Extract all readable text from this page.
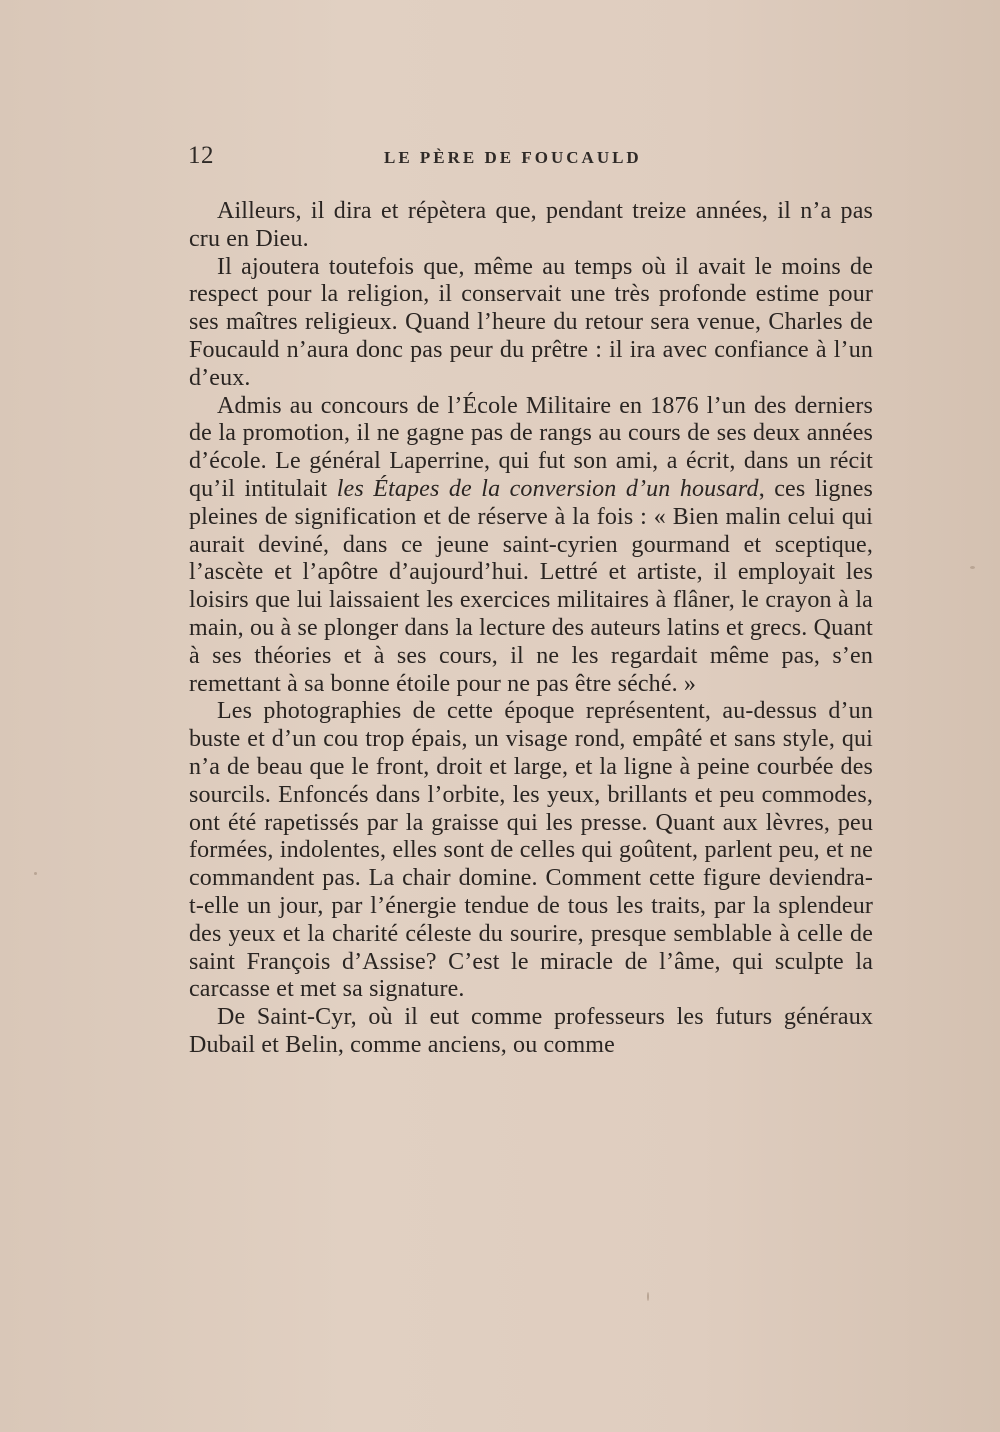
12	LE PÈRE DE FOUCAULD

Ailleurs, il dira et répètera que, pendant treize années, il n’a pas cru en Dieu.

Il ajoutera toutefois que, même au temps où il avait le moins de respect pour la religion, il conservait une très profonde estime pour ses maîtres religieux. Quand l’heure du retour sera venue, Charles de Foucauld n’aura donc pas peur du prêtre : il ira avec confiance à l’un d’eux.

Admis au concours de l’École Militaire en 1876 l’un des derniers de la promotion, il ne gagne pas de rangs au cours de ses deux années d’école. Le général Laperrine, qui fut son ami, a écrit, dans un récit qu’il intitulait les Étapes de la conversion d’un housard, ces lignes pleines de signification et de réserve à la fois : « Bien malin celui qui aurait deviné, dans ce jeune saint-cyrien gourmand et sceptique, l’ascète et l’apôtre d’aujourd’hui. Lettré et artiste, il employait les loisirs que lui laissaient les exercices militaires à flâner, le crayon à la main, ou à se plonger dans la lecture des auteurs latins et grecs. Quant à ses théories et à ses cours, il ne les regardait même pas, s’en remettant à sa bonne étoile pour ne pas être séché. »

Les photographies de cette époque représentent, au-dessus d’un buste et d’un cou trop épais, un visage rond, empâté et sans style, qui n’a de beau que le front, droit et large, et la ligne à peine courbée des sourcils. Enfoncés dans l’orbite, les yeux, brillants et peu commodes, ont été rapetissés par la graisse qui les presse. Quant aux lèvres, peu formées, indolentes, elles sont de celles qui goûtent, parlent peu, et ne commandent pas. La chair domine. Comment cette figure deviendra-t-elle un jour, par l’énergie tendue de tous les traits, par la splendeur des yeux et la charité céleste du sourire, presque semblable à celle de saint François d’Assise? C’est le miracle de l’âme, qui sculpte la carcasse et met sa signature.

De Saint-Cyr, où il eut comme professeurs les futurs généraux Dubail et Belin, comme anciens, ou comme
